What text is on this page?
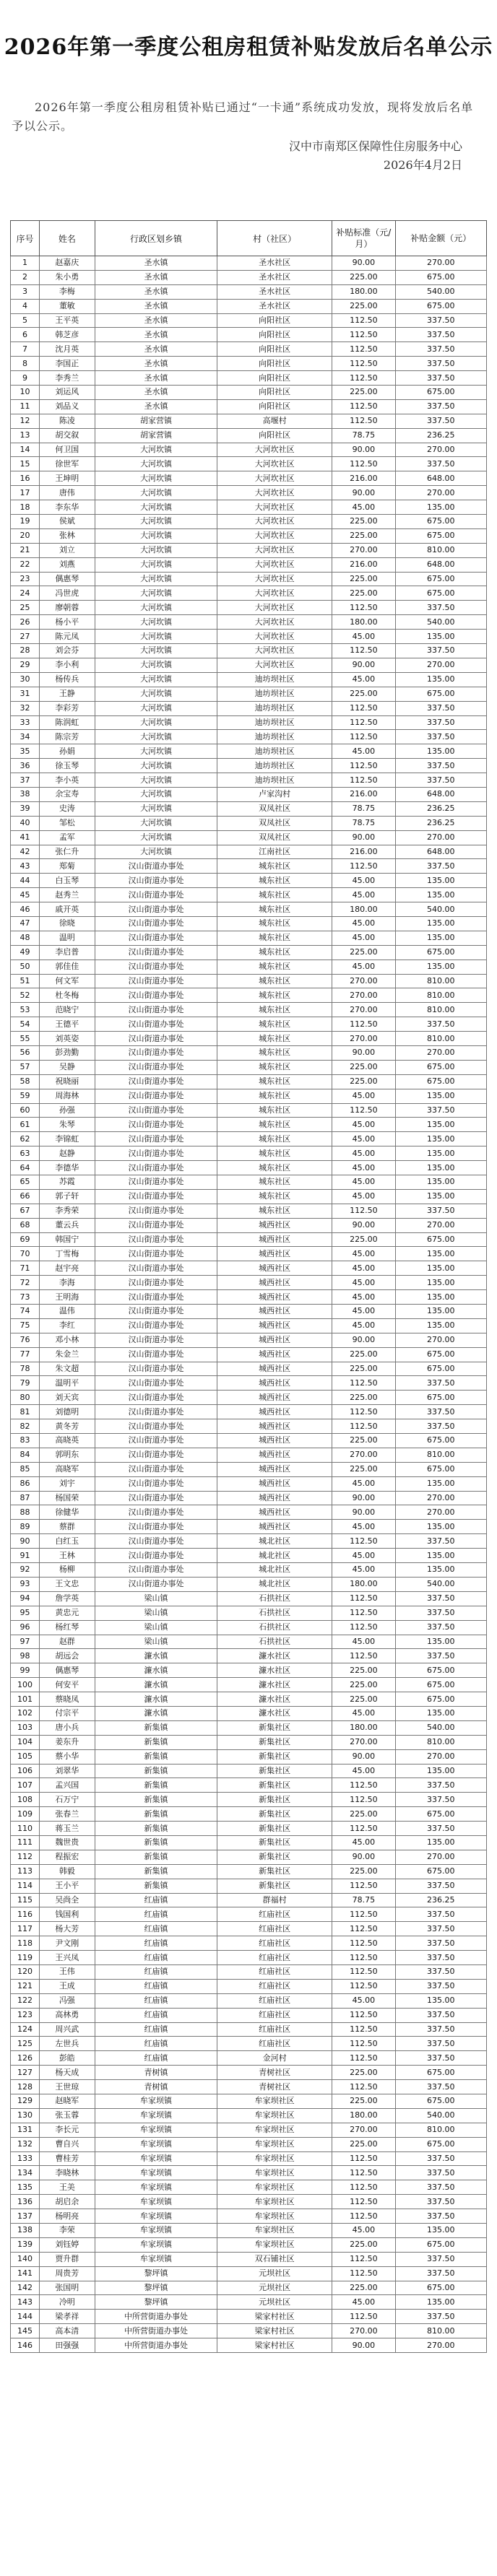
2026年第一季度公租房租赁补贴发放后名单公示
2026年第一季度公租房租赁补贴已通过“一卡通”系统成功发放，现将发放后名单予以公示。
汉中市南郑区保障性住房服务中心
2026年4月2日
序号	姓名	行政区划乡镇	村（社区）	补贴标准（元/月）	补贴金额（元）
1	赵嘉庆	圣水镇	圣水社区	90.00	270.00
2	朱小勇	圣水镇	圣水社区	225.00	675.00
3	李梅	圣水镇	圣水社区	180.00	540.00
4	董敏	圣水镇	圣水社区	225.00	675.00
5	王平英	圣水镇	向阳社区	112.50	337.50
6	韩芝彦	圣水镇	向阳社区	112.50	337.50
7	沈月英	圣水镇	向阳社区	112.50	337.50
8	李国正	圣水镇	向阳社区	112.50	337.50
9	李秀兰	圣水镇	向阳社区	112.50	337.50
10	刘运风	圣水镇	向阳社区	225.00	675.00
11	刘品义	圣水镇	向阳社区	112.50	337.50
12	陈凌	胡家营镇	高堰村	112.50	337.50
13	胡交叙	胡家营镇	向阳社区	78.75	236.25
14	何卫国	大河坎镇	大河坎社区	90.00	270.00
15	徐世军	大河坎镇	大河坎社区	112.50	337.50
16	王坤明	大河坎镇	大河坎社区	216.00	648.00
17	唐伟	大河坎镇	大河坎社区	90.00	270.00
18	李东华	大河坎镇	大河坎社区	45.00	135.00
19	侯斌	大河坎镇	大河坎社区	225.00	675.00
20	张林	大河坎镇	大河坎社区	225.00	675.00
21	刘立	大河坎镇	大河坎社区	270.00	810.00
22	刘燕	大河坎镇	大河坎社区	216.00	648.00
23	偶惠琴	大河坎镇	大河坎社区	225.00	675.00
24	冯世虎	大河坎镇	大河坎社区	225.00	675.00
25	廖朝蓉	大河坎镇	大河坎社区	112.50	337.50
26	杨小平	大河坎镇	大河坎社区	180.00	540.00
27	陈元凤	大河坎镇	大河坎社区	45.00	135.00
28	刘会芬	大河坎镇	大河坎社区	112.50	337.50
29	李小利	大河坎镇	大河坎社区	90.00	270.00
30	杨传兵	大河坎镇	迪坊坝社区	45.00	135.00
31	王静	大河坎镇	迪坊坝社区	225.00	675.00
32	李彩芳	大河坎镇	迪坊坝社区	112.50	337.50
33	陈润虹	大河坎镇	迪坊坝社区	112.50	337.50
34	陈宗芳	大河坎镇	迪坊坝社区	112.50	337.50
35	孙娟	大河坎镇	迪坊坝社区	45.00	135.00
36	徐玉琴	大河坎镇	迪坊坝社区	112.50	337.50
37	李小英	大河坎镇	迪坊坝社区	112.50	337.50
38	余宝寿	大河坎镇	卢家沟村	216.00	648.00
39	史涛	大河坎镇	双凤社区	78.75	236.25
40	邹松	大河坎镇	双凤社区	78.75	236.25
41	孟军	大河坎镇	双凤社区	90.00	270.00
42	张仁升	大河坎镇	江南社区	216.00	648.00
43	郑菊	汉山街道办事处	城东社区	112.50	337.50
44	白玉琴	汉山街道办事处	城东社区	45.00	135.00
45	赵秀兰	汉山街道办事处	城东社区	45.00	135.00
46	戚开英	汉山街道办事处	城东社区	180.00	540.00
47	徐晓	汉山街道办事处	城东社区	45.00	135.00
48	温明	汉山街道办事处	城东社区	45.00	135.00
49	李启普	汉山街道办事处	城东社区	225.00	675.00
50	郭佳佳	汉山街道办事处	城东社区	45.00	135.00
51	何文军	汉山街道办事处	城东社区	270.00	810.00
52	杜冬梅	汉山街道办事处	城东社区	270.00	810.00
53	范晓宁	汉山街道办事处	城东社区	270.00	810.00
54	王德平	汉山街道办事处	城东社区	112.50	337.50
55	刘英姿	汉山街道办事处	城东社区	270.00	810.00
56	彭劲勤	汉山街道办事处	城东社区	90.00	270.00
57	吴静	汉山街道办事处	城东社区	225.00	675.00
58	祝晓丽	汉山街道办事处	城东社区	225.00	675.00
59	周海林	汉山街道办事处	城东社区	45.00	135.00
60	孙强	汉山街道办事处	城东社区	112.50	337.50
61	朱琴	汉山街道办事处	城东社区	45.00	135.00
62	李锦虹	汉山街道办事处	城东社区	45.00	135.00
63	赵静	汉山街道办事处	城东社区	45.00	135.00
64	李德华	汉山街道办事处	城东社区	45.00	135.00
65	苏霞	汉山街道办事处	城东社区	45.00	135.00
66	郭子轩	汉山街道办事处	城东社区	45.00	135.00
67	李秀荣	汉山街道办事处	城东社区	112.50	337.50
68	董云兵	汉山街道办事处	城西社区	90.00	270.00
69	韩国宁	汉山街道办事处	城西社区	225.00	675.00
70	丁雪梅	汉山街道办事处	城西社区	45.00	135.00
71	赵宇亮	汉山街道办事处	城西社区	45.00	135.00
72	李海	汉山街道办事处	城西社区	45.00	135.00
73	王明海	汉山街道办事处	城西社区	45.00	135.00
74	温伟	汉山街道办事处	城西社区	45.00	135.00
75	李红	汉山街道办事处	城西社区	45.00	135.00
76	邓小林	汉山街道办事处	城西社区	90.00	270.00
77	朱金兰	汉山街道办事处	城西社区	225.00	675.00
78	朱文超	汉山街道办事处	城西社区	225.00	675.00
79	温明平	汉山街道办事处	城西社区	112.50	337.50
80	刘天宾	汉山街道办事处	城西社区	225.00	675.00
81	刘德明	汉山街道办事处	城西社区	112.50	337.50
82	黄冬芳	汉山街道办事处	城西社区	112.50	337.50
83	高晓英	汉山街道办事处	城西社区	225.00	675.00
84	郭明东	汉山街道办事处	城西社区	270.00	810.00
85	高晓军	汉山街道办事处	城西社区	225.00	675.00
86	刘宇	汉山街道办事处	城西社区	45.00	135.00
87	杨国荣	汉山街道办事处	城西社区	90.00	270.00
88	徐健华	汉山街道办事处	城西社区	90.00	270.00
89	蔡群	汉山街道办事处	城西社区	45.00	135.00
90	白红玉	汉山街道办事处	城北社区	112.50	337.50
91	王林	汉山街道办事处	城北社区	45.00	135.00
92	杨柳	汉山街道办事处	城北社区	45.00	135.00
93	王文忠	汉山街道办事处	城北社区	180.00	540.00
94	詹学英	梁山镇	石拱社区	112.50	337.50
95	黄忠元	梁山镇	石拱社区	112.50	337.50
96	杨红琴	梁山镇	石拱社区	112.50	337.50
97	赵群	梁山镇	石拱社区	45.00	135.00
98	胡远会	濂水镇	濂水社区	112.50	337.50
99	偶惠琴	濂水镇	濂水社区	225.00	675.00
100	何安平	濂水镇	濂水社区	225.00	675.00
101	蔡晓凤	濂水镇	濂水社区	225.00	675.00
102	付宗平	濂水镇	濂水社区	45.00	135.00
103	唐小兵	新集镇	新集社区	180.00	540.00
104	姜东升	新集镇	新集社区	270.00	810.00
105	蔡小华	新集镇	新集社区	90.00	270.00
106	刘翠华	新集镇	新集社区	45.00	135.00
107	孟兴国	新集镇	新集社区	112.50	337.50
108	石万宁	新集镇	新集社区	112.50	337.50
109	张春兰	新集镇	新集社区	225.00	675.00
110	蒋玉兰	新集镇	新集社区	112.50	337.50
111	魏世贵	新集镇	新集社区	45.00	135.00
112	程振宏	新集镇	新集社区	90.00	270.00
113	韩毅	新集镇	新集社区	225.00	675.00
114	王小平	新集镇	新集社区	112.50	337.50
115	吴尚全	红庙镇	群福村	78.75	236.25
116	钱国利	红庙镇	红庙社区	112.50	337.50
117	杨大芳	红庙镇	红庙社区	112.50	337.50
118	尹文刚	红庙镇	红庙社区	112.50	337.50
119	王兴凤	红庙镇	红庙社区	112.50	337.50
120	王伟	红庙镇	红庙社区	112.50	337.50
121	王成	红庙镇	红庙社区	112.50	337.50
122	冯强	红庙镇	红庙社区	45.00	135.00
123	高林勇	红庙镇	红庙社区	112.50	337.50
124	周兴武	红庙镇	红庙社区	112.50	337.50
125	左世兵	红庙镇	红庙社区	112.50	337.50
126	彭皓	红庙镇	金河村	112.50	337.50
127	杨天成	青树镇	青树社区	225.00	675.00
128	王世琼	青树镇	青树社区	112.50	337.50
129	赵晓军	牟家坝镇	牟家坝社区	225.00	675.00
130	张玉蓉	牟家坝镇	牟家坝社区	180.00	540.00
131	李长元	牟家坝镇	牟家坝社区	270.00	810.00
132	曹自兴	牟家坝镇	牟家坝社区	225.00	675.00
133	曹桂芳	牟家坝镇	牟家坝社区	112.50	337.50
134	李晓林	牟家坝镇	牟家坝社区	112.50	337.50
135	王美	牟家坝镇	牟家坝社区	112.50	337.50
136	胡启余	牟家坝镇	牟家坝社区	112.50	337.50
137	杨明亮	牟家坝镇	牟家坝社区	112.50	337.50
138	李荣	牟家坝镇	牟家坝社区	45.00	135.00
139	刘钰婷	牟家坝镇	牟家坝社区	225.00	675.00
140	贾升群	牟家坝镇	双石铺社区	112.50	337.50
141	周贵芳	黎坪镇	元坝社区	112.50	337.50
142	张国明	黎坪镇	元坝社区	225.00	675.00
143	冷明	黎坪镇	元坝社区	45.00	135.00
144	梁孝祥	中所营街道办事处	梁家村社区	112.50	337.50
145	高本清	中所营街道办事处	梁家村社区	270.00	810.00
146	田强强	中所营街道办事处	梁家村社区	90.00	270.00
